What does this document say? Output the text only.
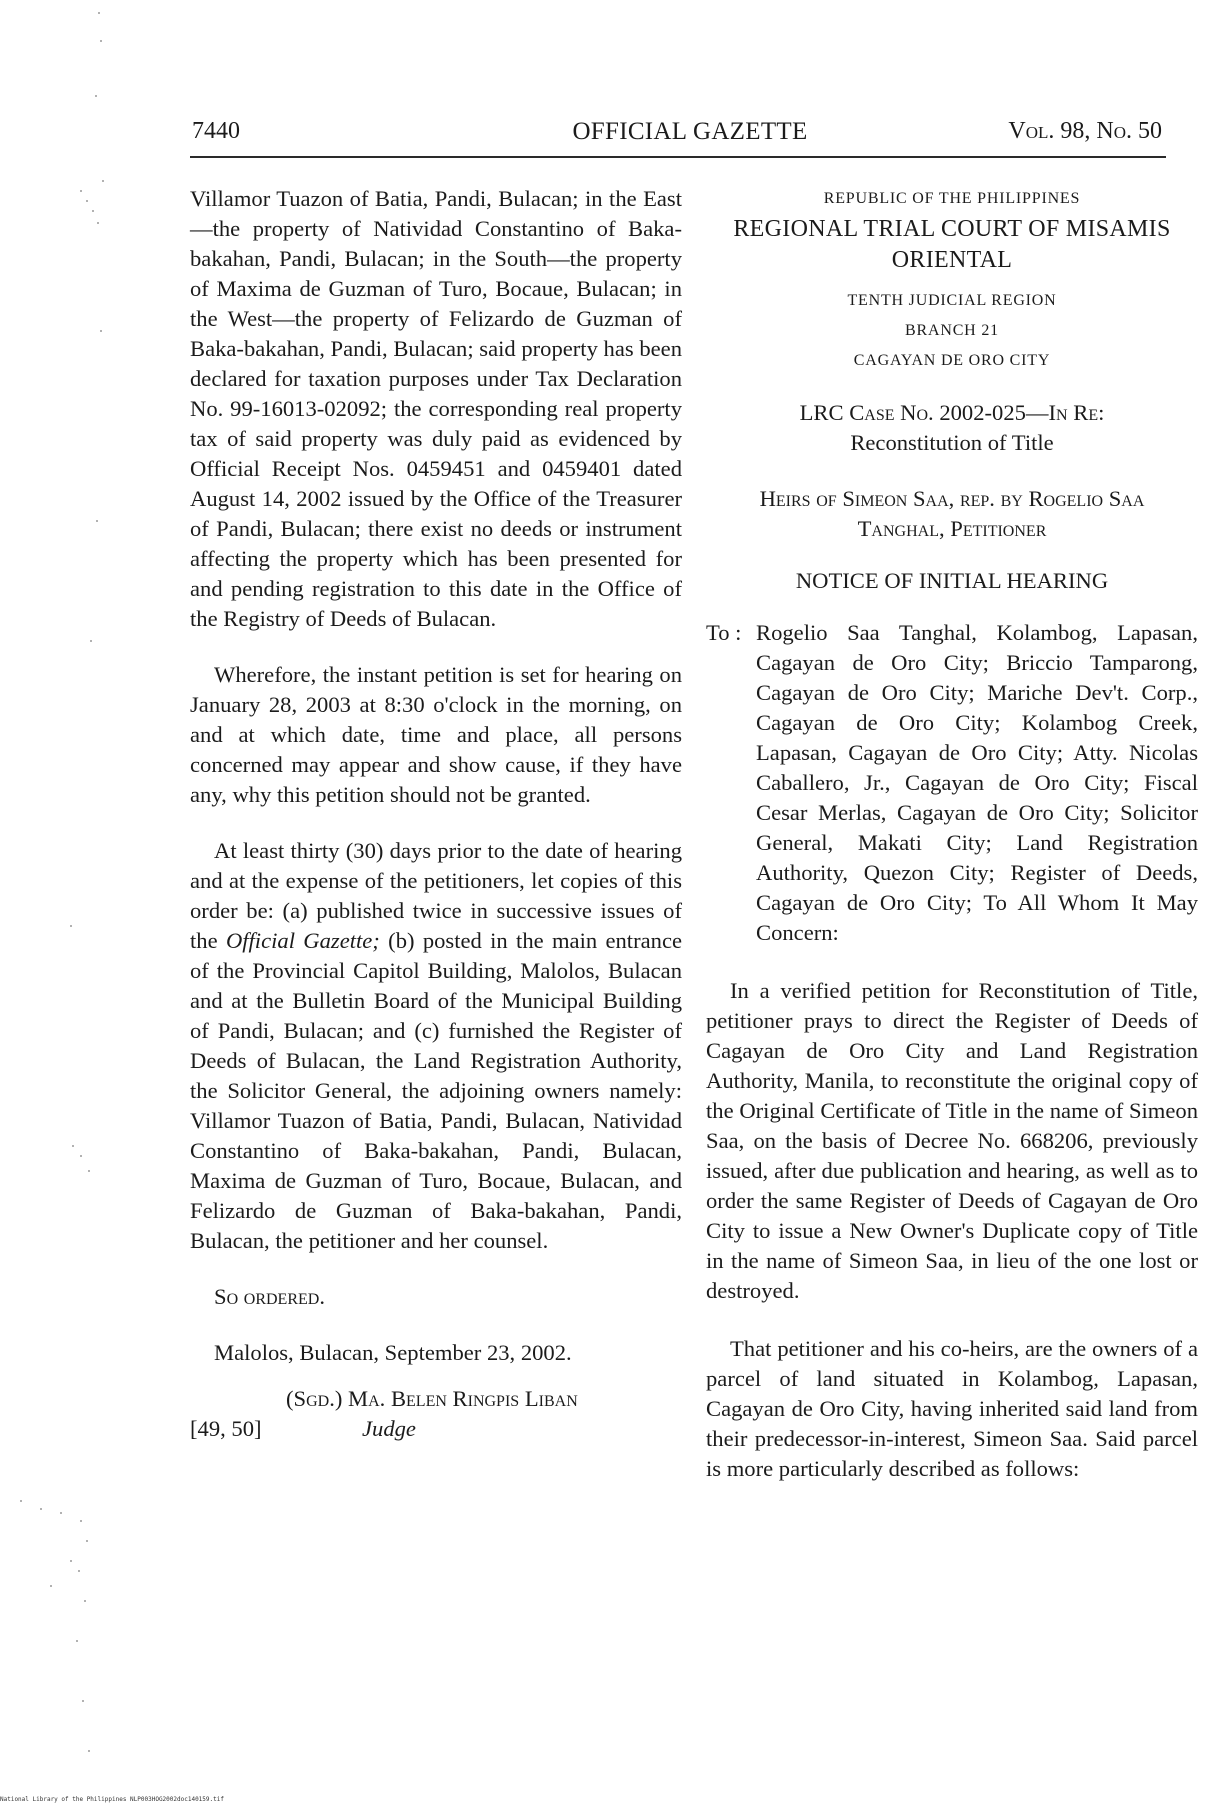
7440	OFFICIAL GAZETTE	Vol. 98, No. 50

Villamor Tuazon of Batia, Pandi, Bulacan; in the East—the property of Natividad Constantino of Baka-bakahan, Pandi, Bulacan; in the South—the property of Maxima de Guzman of Turo, Bocaue, Bulacan; in the West—the property of Felizardo de Guzman of Baka-bakahan, Pandi, Bulacan; said property has been declared for taxation purposes under Tax Declaration No. 99-16013-02092; the corresponding real property tax of said property was duly paid as evidenced by Official Receipt Nos. 0459451 and 0459401 dated August 14, 2002 issued by the Office of the Treasurer of Pandi, Bulacan; there exist no deeds or instrument affecting the property which has been presented for and pending registration to this date in the Office of the Registry of Deeds of Bulacan.

Wherefore, the instant petition is set for hearing on January 28, 2003 at 8:30 o'clock in the morning, on and at which date, time and place, all persons concerned may appear and show cause, if they have any, why this petition should not be granted.

At least thirty (30) days prior to the date of hearing and at the expense of the petitioners, let copies of this order be: (a) published twice in successive issues of the Official Gazette; (b) posted in the main entrance of the Provincial Capitol Building, Malolos, Bulacan and at the Bulletin Board of the Municipal Building of Pandi, Bulacan; and (c) furnished the Register of Deeds of Bulacan, the Land Registration Authority, the Solicitor General, the adjoining owners namely: Villamor Tuazon of Batia, Pandi, Bulacan, Natividad Constantino of Baka-bakahan, Pandi, Bulacan, Maxima de Guzman of Turo, Bocaue, Bulacan, and Felizardo de Guzman of Baka-bakahan, Pandi, Bulacan, the petitioner and her counsel.

So ordered.

Malolos, Bulacan, September 23, 2002.

(Sgd.) Ma. Belen Ringpis Liban

[49, 50]	Judge
REPUBLIC OF THE PHILIPPINES
REGIONAL TRIAL COURT OF MISAMIS ORIENTAL
TENTH JUDICIAL REGION
BRANCH 21
CAGAYAN DE ORO CITY

LRC Case No. 2002-025—In Re:

Reconstitution of Title

Heirs of Simeon Saa, rep. by Rogelio Saa Tanghal, Petitioner

NOTICE OF INITIAL HEARING

To : Rogelio Saa Tanghal, Kolambog, Lapasan, Cagayan de Oro City; Briccio Tamparong, Cagayan de Oro City; Mariche Dev't. Corp., Cagayan de Oro City; Kolambog Creek, Lapasan, Cagayan de Oro City; Atty. Nicolas Caballero, Jr., Cagayan de Oro City; Fiscal Cesar Merlas, Cagayan de Oro City; Solicitor General, Makati City; Land Registration Authority, Quezon City; Register of Deeds, Cagayan de Oro City; To All Whom It May Concern:

In a verified petition for Reconstitution of Title, petitioner prays to direct the Register of Deeds of Cagayan de Oro City and Land Registration Authority, Manila, to reconstitute the original copy of the Original Certificate of Title in the name of Simeon Saa, on the basis of Decree No. 668206, previously issued, after due publication and hearing, as well as to order the same Register of Deeds of Cagayan de Oro City to issue a New Owner's Duplicate copy of Title in the name of Simeon Saa, in lieu of the one lost or destroyed.

That petitioner and his co-heirs, are the owners of a parcel of land situated in Kolambog, Lapasan, Cagayan de Oro City, having inherited said land from their predecessor-in-interest, Simeon Saa. Said parcel is more particularly described as follows:

National Library of the Philippines NLP003HOG2002doc140159.tif
